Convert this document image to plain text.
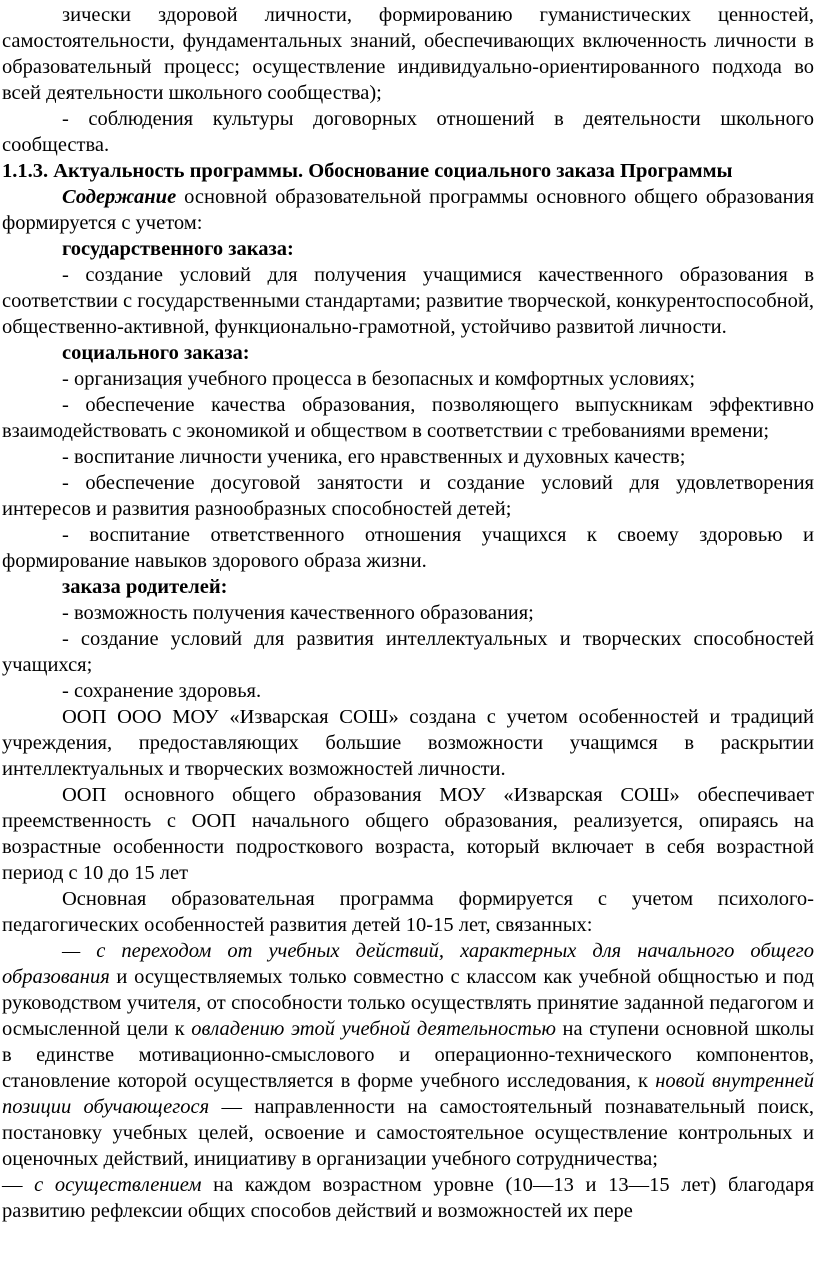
зически здоровой личности, формированию гуманистических ценностей, самостоятельности, фундаментальных знаний, обеспечивающих включенность личности в образовательный процесс; осуществление индивидуально-ориентированного подхода во всей деятельности школьного сообщества);

- соблюдения культуры договорных отношений в деятельности школьного сообщества.

1.1.3. Актуальность программы. Обоснование социального заказа Программы

Содержание основной образовательной программы основного общего образования формируется с учетом:

государственного заказа:

- создание условий для получения учащимися качественного образования в соответствии с государственными стандартами; развитие творческой, конкурентоспособной, общественно-активной, функционально-грамотной, устойчиво развитой личности.

социального заказа:

- организация учебного процесса в безопасных и комфортных условиях;

- обеспечение качества образования, позволяющего выпускникам эффективно взаимодействовать с экономикой и обществом в соответствии с требованиями времени;

- воспитание личности ученика, его нравственных и духовных качеств;

- обеспечение досуговой занятости и создание условий для удовлетворения интересов и развития разнообразных способностей детей;

- воспитание ответственного отношения учащихся к своему здоровью и формирование навыков здорового образа жизни.

заказа родителей:

- возможность получения качественного образования;

- создание условий для развития интеллектуальных и творческих способностей учащихся;

- сохранение здоровья.

ООП ООО МОУ «Изварская СОШ» создана с учетом особенностей и традиций учреждения, предоставляющих большие возможности учащимся в раскрытии интеллектуальных и творческих возможностей личности.

ООП основного общего образования МОУ «Изварская СОШ» обеспечивает преемственность с ООП начального общего образования, реализуется, опираясь на возрастные особенности подросткового возраста, который включает в себя возрастной период с 10 до 15 лет

Основная образовательная программа формируется с учетом психолого-педагогических особенностей развития детей 10-15 лет, связанных:

— с переходом от учебных действий, характерных для начального общего образования и осуществляемых только совместно с классом как учебной общностью и под руководством учителя, от способности только осуществлять принятие заданной педагогом и осмысленной цели к овладению этой учебной деятельностью на ступени основной школы в единстве мотивационно-смыслового и операционно-технического компонентов, становление которой осуществляется в форме учебного исследования, к новой внутренней позиции обучающегося — направленности на самостоятельный познавательный поиск, постановку учебных целей, освоение и самостоятельное осуществление контрольных и оценочных действий, инициативу в организации учебного сотрудничества;

— с осуществлением на каждом возрастном уровне (10—13 и 13—15 лет) благодаря развитию рефлексии общих способов действий и возможностей их пере
